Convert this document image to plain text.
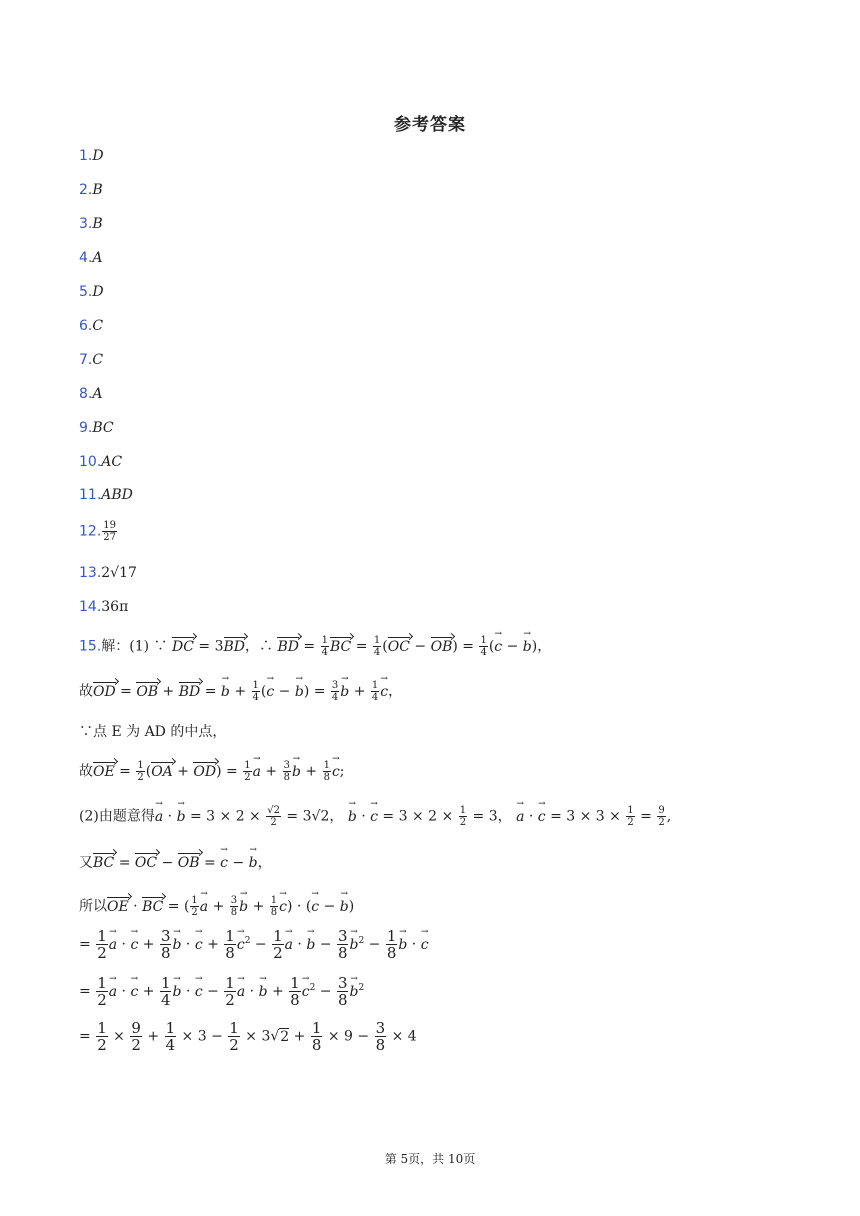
参考答案
1.D
2.B
3.B
4.A
5.D
6.C
7.C
8.A
9.BC
10.AC
11.ABD
12. $\frac{19}{27}$
13.2√17
14.36π
15.解：(1) ∵ DC = 3BD，∴ BD = $\frac{1}{4}$ BC = $\frac{1}{4} (OC - OB) = \frac{1}{4} (c$ → − b →)，
故OD = OB + BD = b → + $\frac{1}{4} (c$ → − b →) = $\frac{3}{4}$ b → + $\frac{1}{4}$ c →，
∵点 E 为 AD 的中点，
故OE = $\frac{1}{2} (OA + OD) = \frac{1}{2}$ a → + $\frac{3}{8}$ b → + $\frac{1}{8}$ c →;
(2)由题意得a → · b → = $3 \times 2 \times \frac{√2}{2} = 3√2$， b → · c → = $3 \times 2 \times \frac{1}{2} = 3$， a → · c → = $3 \times 3 \times \frac{1}{2} = \frac{9}{2}$ ,
又BC = OC − OB = c → − b →，
所以OE · BC = ( $\frac{1}{2}$ a → + $\frac{3}{8}$ b → + $\frac{1}{8}$ c →) · (c → − b →)
= $\frac{1}{2}$ a → · c → + $\frac{3}{8}$ b → · c → + $\frac{1}{8}$ $c \to^2 - \frac{1}{2}$ a → · b → − $\frac{3}{8}$ $b \to^2 - \frac{1}{8}$ b → · c →
= $\frac{1}{2}$ a → · c → + $\frac{1}{4}$ b → · c → − $\frac{1}{2}$ a → · b → + $\frac{1}{8}$ $c \to^2 - \frac{3}{8}$ b →$^2$
= $\frac{1}{2} \times \frac{9}{2} + \frac{1}{4} \times 3 - \frac{1}{2} \times 3√2 + \frac{1}{8} \times 9 - \frac{3}{8} \times 4$
第 5页，共 10页
